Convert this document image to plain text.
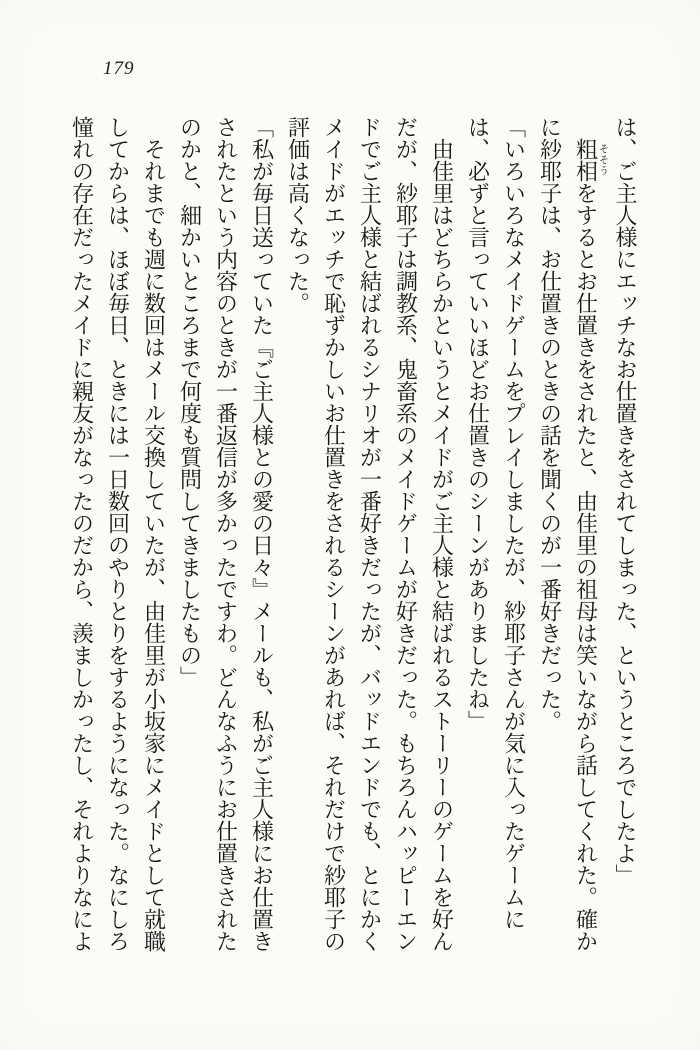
179

は、ご主人様にエッチなお仕置きをされてしまった、というところでしたよ」

粗相そそうをするとお仕置きをされたと、由佳里の祖母は笑いながら話してくれた。確かに紗耶子は、お仕置きのときの話を聞くのが一番好きだった。

「いろいろなメイドゲームをプレイしましたが、紗耶子さんが気に入ったゲームには、必ずと言っていいほどお仕置きのシーンがありましたね」

由佳里はどちらかというとメイドがご主人様と結ばれるストーリーのゲームを好んだが、紗耶子は調教系、鬼畜系のメイドゲームが好きだった。もちろんハッピーエンドでご主人様と結ばれるシナリオが一番好きだったが、バッドエンドでも、とにかくメイドがエッチで恥ずかしいお仕置きをされるシーンがあれば、それだけで紗耶子の評価は高くなった。

「私が毎日送っていた『ご主人様との愛の日々』メールも、私がご主人様にお仕置きされたという内容のときが一番返信が多かったですわ。どんなふうにお仕置きされたのかと、細かいところまで何度も質問してきましたもの」

それまでも週に数回はメール交換していたが、由佳里が小坂家にメイドとして就職してからは、ほぼ毎日、ときには一日数回のやりとりをするようになった。なにしろ憧れの存在だったメイドに親友がなったのだから、羨ましかったし、それよりなによ
